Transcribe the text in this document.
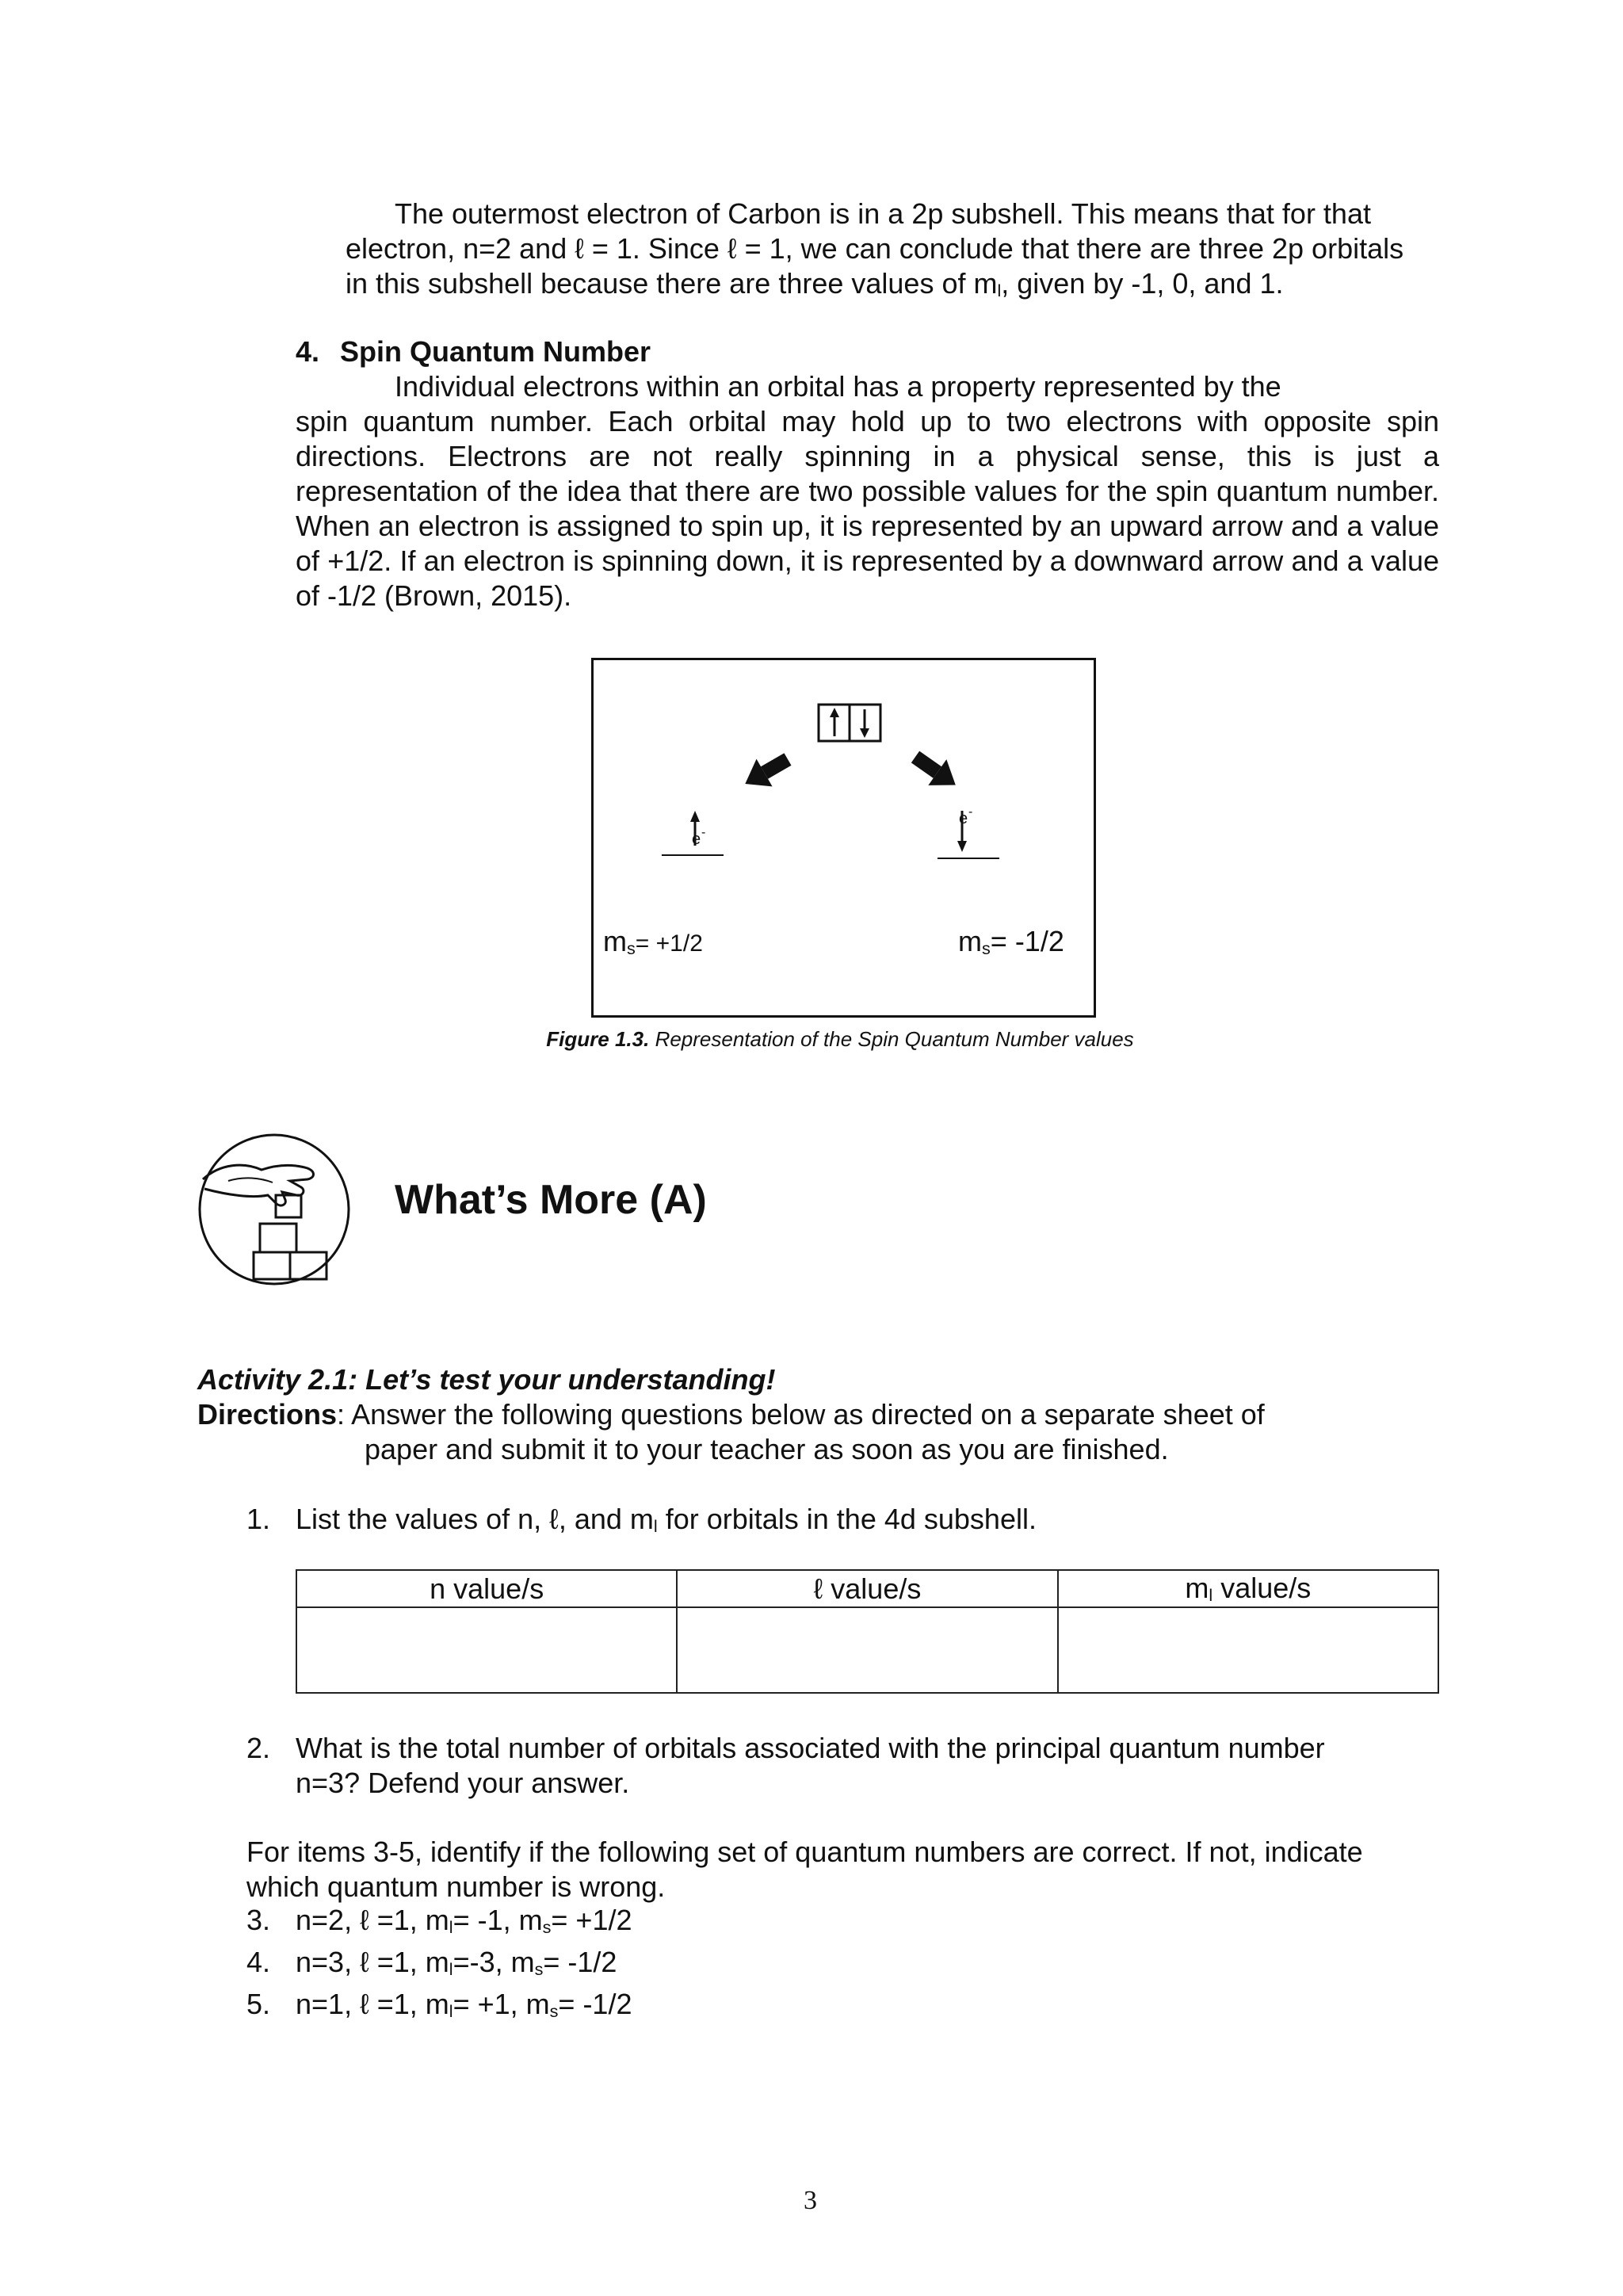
The outermost electron of Carbon is in a 2p subshell. This means that for that

electron, n=2 and ℓ = 1. Since ℓ = 1, we can conclude that there are three 2p orbitals

in this subshell because there are three values of $m_l$, given by -1, 0, and 1.

4. Spin Quantum Number

Individual electrons within an orbital has a property represented by the

spin quantum number. Each orbital may hold up to two electrons with opposite spin directions. Electrons are not really spinning in a physical sense, this is just a representation of the idea that there are two possible values for the spin quantum number. When an electron is assigned to spin up, it is represented by an upward arrow and a value of +1/2. If an electron is spinning down, it is represented by a downward arrow and a value of -1/2 (Brown, 2015).

e -
e -
$m_s= +1/2$	$m_s= -1/2$
Figure 1.3. Representation of the Spin Quantum Number values
What’s More (A)
Activity 2.1: Let’s test your understanding!

Directions: Answer the following questions below as directed on a separate sheet of

paper and submit it to your teacher as soon as you are finished.

1. List the values of n, ℓ, and $m_l$ for orbitals in the 4d subshell.

n value/s	ℓ value/s	$m_l$ value/s

2. What is the total number of orbitals associated with the principal quantum number

n=3? Defend your answer.

For items 3-5, identify if the following set of quantum numbers are correct. If not, indicate

which quantum number is wrong.

3. n=2, ℓ =1, $m_l= -1$, $m_s= +1/2$
4. n=3, ℓ =1, $m_l=-3$, $m_s= -1/2$
5. n=1, ℓ =1, $m_l= +1$, $m_s= -1/2$
3
